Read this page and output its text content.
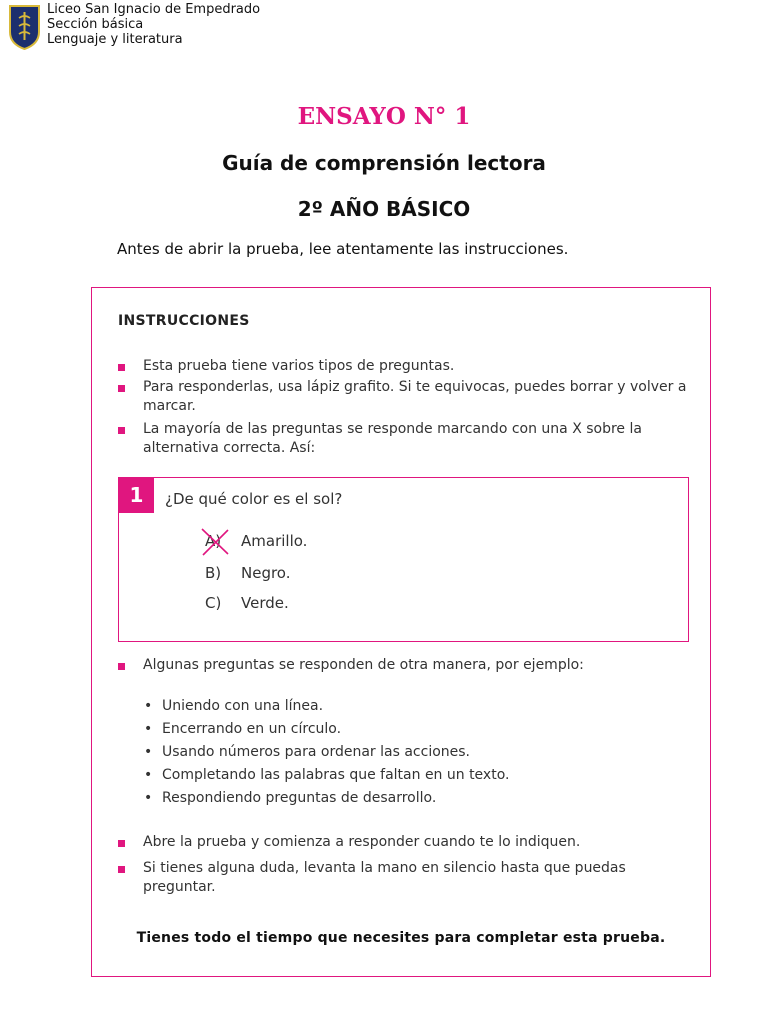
Liceo San Ignacio de Empedrado
Sección básica
Lenguaje y literatura
ENSAYO N° 1
Guía de comprensión lectora
2º AÑO BÁSICO
Antes de abrir la prueba, lee atentamente las instrucciones.
INSTRUCCIONES
Esta prueba tiene varios tipos de preguntas.
Para responderlas, usa lápiz grafito. Si te equivocas, puedes borrar y volver a marcar.
La mayoría de las preguntas se responde marcando con una X sobre la alternativa correcta. Así:
1	¿De qué color es el sol?
A)	Amarillo.
B)	Negro.
C)	Verde.
Algunas preguntas se responden de otra manera, por ejemplo:
• Uniendo con una línea.
• Encerrando en un círculo.
• Usando números para ordenar las acciones.
• Completando las palabras que faltan en un texto.
• Respondiendo preguntas de desarrollo.
Abre la prueba y comienza a responder cuando te lo indiquen.
Si tienes alguna duda, levanta la mano en silencio hasta que puedas preguntar.
Tienes todo el tiempo que necesites para completar esta prueba.
